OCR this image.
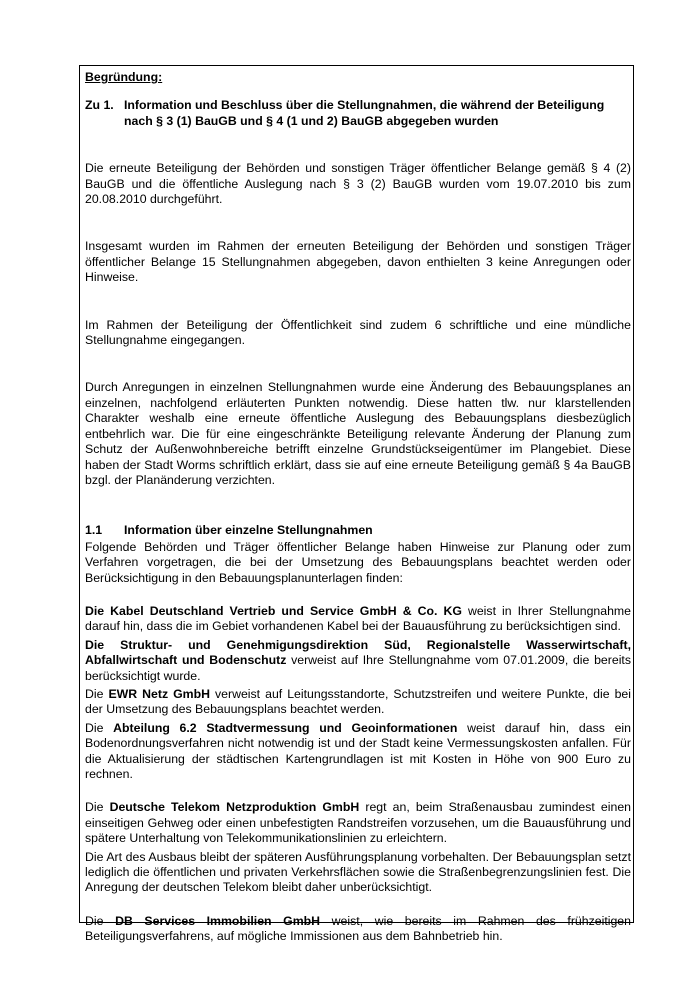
Begründung:

Zu 1. Information und Beschluss über die Stellungnahmen, die während der Beteiligung nach § 3 (1) BauGB und § 4 (1 und 2) BauGB abgegeben wurden

Die erneute Beteiligung der Behörden und sonstigen Träger öffentlicher Belange gemäß § 4 (2) BauGB und die öffentliche Auslegung nach § 3 (2) BauGB wurden vom 19.07.2010 bis zum 20.08.2010 durchgeführt.

Insgesamt wurden im Rahmen der erneuten Beteiligung der Behörden und sonstigen Träger öffentlicher Belange 15 Stellungnahmen abgegeben, davon enthielten 3 keine Anregungen oder Hinweise.

Im Rahmen der Beteiligung der Öffentlichkeit sind zudem 6 schriftliche und eine mündliche Stellungnahme eingegangen.

Durch Anregungen in einzelnen Stellungnahmen wurde eine Änderung des Bebauungsplanes an einzelnen, nachfolgend erläuterten Punkten notwendig. Diese hatten tlw. nur klarstellenden Charakter weshalb eine erneute öffentliche Auslegung des Bebauungsplans diesbezüglich entbehrlich war. Die für eine eingeschränkte Beteiligung relevante Änderung der Planung zum Schutz der Außenwohnbereiche betrifft einzelne Grundstückseigentümer im Plangebiet. Diese haben der Stadt Worms schriftlich erklärt, dass sie auf eine erneute Beteiligung gemäß § 4a BauGB bzgl. der Planänderung verzichten.

1.1	Information über einzelne Stellungnahmen

Folgende Behörden und Träger öffentlicher Belange haben Hinweise zur Planung oder zum Verfahren vorgetragen, die bei der Umsetzung des Bebauungsplans beachtet werden oder Berücksichtigung in den Bebauungsplanunterlagen finden:

Die Kabel Deutschland Vertrieb und Service GmbH & Co. KG weist in Ihrer Stellungnahme darauf hin, dass die im Gebiet vorhandenen Kabel bei der Bauausführung zu berücksichtigen sind.

Die Struktur- und Genehmigungsdirektion Süd, Regionalstelle Wasserwirtschaft, Abfallwirtschaft und Bodenschutz verweist auf Ihre Stellungnahme vom 07.01.2009, die bereits berücksichtigt wurde.

Die EWR Netz GmbH verweist auf Leitungsstandorte, Schutzstreifen und weitere Punkte, die bei der Umsetzung des Bebauungsplans beachtet werden.

Die Abteilung 6.2 Stadtvermessung und Geoinformationen weist darauf hin, dass ein Bodenordnungsverfahren nicht notwendig ist und der Stadt keine Vermessungskosten anfallen. Für die Aktualisierung der städtischen Kartengrundlagen ist mit Kosten in Höhe von 900 Euro zu rechnen.

Die Deutsche Telekom Netzproduktion GmbH regt an, beim Straßenausbau zumindest einen einseitigen Gehweg oder einen unbefestigten Randstreifen vorzusehen, um die Bauausführung und spätere Unterhaltung von Telekommunikationslinien zu erleichtern.

Die Art des Ausbaus bleibt der späteren Ausführungsplanung vorbehalten. Der Bebauungsplan setzt lediglich die öffentlichen und privaten Verkehrsflächen sowie die Straßenbegrenzungslinien fest. Die Anregung der deutschen Telekom bleibt daher unberücksichtigt.

Die DB Services Immobilien GmbH weist, wie bereits im Rahmen des frühzeitigen Beteiligungsverfahrens, auf mögliche Immissionen aus dem Bahnbetrieb hin.
